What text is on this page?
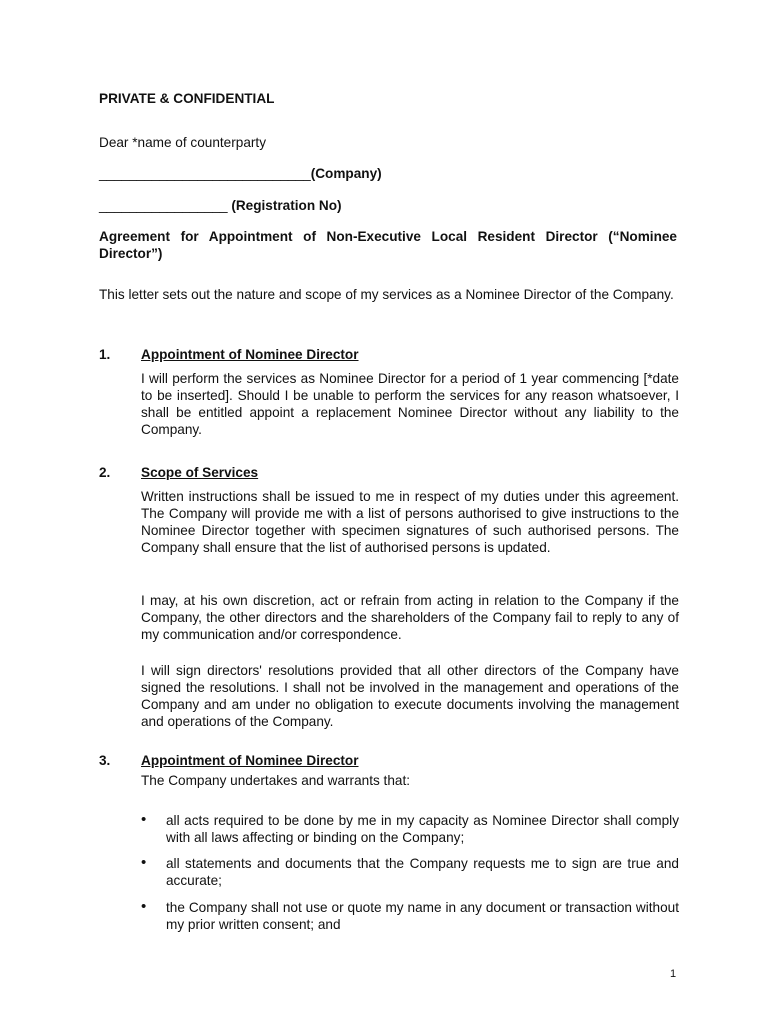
PRIVATE & CONFIDENTIAL
Dear *name of counterparty
____________________________(Company)
_________________ (Registration No)
Agreement for Appointment of Non-Executive Local Resident Director (“Nominee Director”)
This letter sets out the nature and scope of my services as a Nominee Director of the Company.
1. Appointment of Nominee Director
I will perform the services as Nominee Director for a period of 1 year commencing [*date to be inserted]. Should I be unable to perform the services for any reason whatsoever, I shall be entitled appoint a replacement Nominee Director without any liability to the Company.
2. Scope of Services
Written instructions shall be issued to me in respect of my duties under this agreement. The Company will provide me with a list of persons authorised to give instructions to the Nominee Director together with specimen signatures of such authorised persons. The Company shall ensure that the list of authorised persons is updated.
I may, at his own discretion, act or refrain from acting in relation to the Company if the Company, the other directors and the shareholders of the Company fail to reply to any of my communication and/or correspondence.
I will sign directors' resolutions provided that all other directors of the Company have signed the resolutions. I shall not be involved in the management and operations of the Company and am under no obligation to execute documents involving the management and operations of the Company.
3. Appointment of Nominee Director
The Company undertakes and warrants that:
• all acts required to be done by me in my capacity as Nominee Director shall comply with all laws affecting or binding on the Company;
• all statements and documents that the Company requests me to sign are true and accurate;
• the Company shall not use or quote my name in any document or transaction without my prior written consent; and
1
